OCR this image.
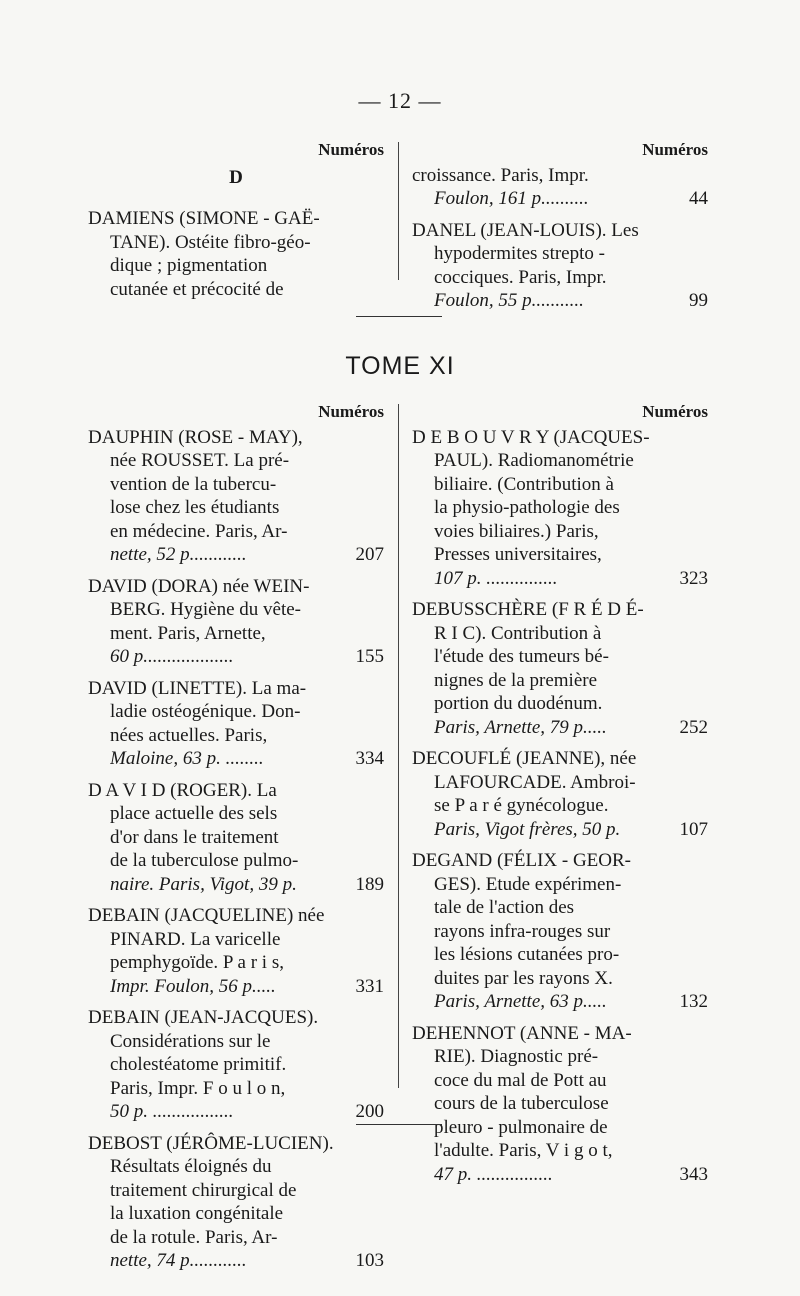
— 12 —
Numéros
D
DAMIENS (SIMONE - GAË-
TANE). Ostéite fibro-géo-
dique ; pigmentation
cutanée et précocité de
Numéros
croissance. Paris, Impr.
Foulon, 161 p..........	44
DANEL (JEAN-LOUIS). Les
hypodermites strepto -
cocciques. Paris, Impr.
Foulon, 55 p...........	99
TOME XI
Numéros
DAUPHIN (ROSE - MAY),
née ROUSSET. La pré-
vention de la tubercu-
lose chez les étudiants
en médecine. Paris, Ar-
nette, 52 p............	207
DAVID (DORA) née WEIN-
BERG. Hygiène du vête-
ment. Paris, Arnette,
60 p...................	155
DAVID (LINETTE). La ma-
ladie ostéogénique. Don-
nées actuelles. Paris,
Maloine, 63 p. ........	334
D A V I D (ROGER). La
place actuelle des sels
d'or dans le traitement
de la tuberculose pulmo-
naire. Paris, Vigot, 39 p.	189
DEBAIN (JACQUELINE) née
PINARD. La varicelle
pemphygoïde. P a r i s,
Impr. Foulon, 56 p.....	331
DEBAIN (JEAN-JACQUES).
Considérations sur le
cholestéatome primitif.
Paris, Impr. F o u l o n,
50 p. .................	200
DEBOST (JÉRÔME-LUCIEN).
Résultats éloignés du
traitement chirurgical de
la luxation congénitale
de la rotule. Paris, Ar-
nette, 74 p............	103
Numéros
D E B O U V R Y (JACQUES-
PAUL). Radiomanométrie
biliaire. (Contribution à
la physio-pathologie des
voies biliaires.) Paris,
Presses universitaires,
107 p. ...............	323
DEBUSSCHÈRE (F R É D É-
R I C). Contribution à
l'étude des tumeurs bé-
nignes de la première
portion du duodénum.
Paris, Arnette, 79 p.....	252
DECOUFLÉ (JEANNE), née
LAFOURCADE. Ambroi-
se P a r é gynécologue.
Paris, Vigot frères, 50 p.	107
DEGAND (FÉLIX - GEOR-
GES). Etude expérimen-
tale de l'action des
rayons infra-rouges sur
les lésions cutanées pro-
duites par les rayons X.
Paris, Arnette, 63 p.....	132
DEHENNOT (ANNE - MA-
RIE). Diagnostic pré-
coce du mal de Pott au
cours de la tuberculose
pleuro - pulmonaire de
l'adulte. Paris, V i g o t,
47 p. ................	343
